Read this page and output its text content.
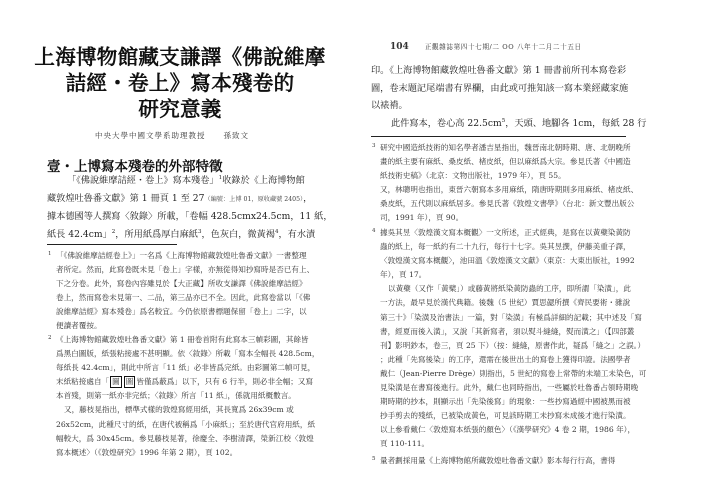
上海博物館藏支謙譯《佛說維摩
詰經・卷上》寫本殘卷的
研究意義
中央大學中國文學系助理教授 孫致文
壹・上博寫本殘卷的外部特徵
「《佛說維摩詰經・卷上》寫本殘卷」$^1$收錄於《上海博物館
藏敦煌吐魯番文獻》第 1 冊頁 1 至 27（編號：上博 01，原收藏號 2405），
據本德國等人撰寫〈敘錄〉所載，「卷幅 428.5cmx24.5cm，11 紙，
紙長 42.4cm」$^2$，所用紙爲厚白麻紙$^3$，色灰白，微黃褐$^4$，有水漬
1 「《佛說維摩詰經卷上》」一名爲《上海博物館藏敦煌吐魯番文獻》一書整理
者所定。然而，此寫卷既未見「卷上」字樣，亦無從得知抄寫時是否已有上、
下之分卷。此外，寫卷內容雖見於【大正藏】所收支謙譯《佛說維摩詰經》
卷上，然而寫卷未見第一、二品，第三品亦已不全。因此，此寫卷當以「《佛
說維摩詰經》寫本殘卷」爲名較宜。今仍依原書標題保留「卷上」二字，以
便讀者覆按。
2 《上海博物館藏敦煌吐魯番文獻》第 1 冊卷首附有此寫本三幀彩圖，其餘皆
爲黑白圖版，紙張粘接處不甚明顯。依〈敘錄〉所載「寫本全幅長 428.5cm，
每紙長 42.4cm」，則此中所言「11 紙」必非皆爲完紙。由彩圖第二幀可見，
末紙粘接處自「 圖 圖 皆僅爲蔽爲」以下，只有 6 行半，則必非全幅；又寫
本首殘，則第一紙亦非完紙；〈敘錄〉所言「11 紙」，係就用紙概數言。
又，藤枝晃指出，標準式樣的敦煌寫經用紙，其長寬爲 26x39cm 或
26x52cm，此種尺寸的紙，在唐代被稱爲「小麻紙」；至於唐代官府用紙，紙
幅較大，爲 30x45cm。參見藤枝晃著，徐慶全、李樹清譯，榮新江校〈敦煌
寫本概述〉（《敦煌研究》1996 年第 2 期），頁 102。
104 正觀雜誌第四十七期/二 OO 八年十二月二十五日
印。《上海博物館藏敦煌吐魯番文獻》第 1 冊書前所刊本寫卷彩
圖，卷末題記尾端書有界欄，由此或可推知該一寫本業經藏家施
以裱褙。
此件寫本，卷心高 $22.5cm^5$，天頭、地腳各 1cm，每紙 28 行
3 研究中國造紙技術的知名學者潘吉星指出，魏晉南北朝時期、唐、北朝晚所
畫的紙主要有麻紙、桑皮紙、楮皮紙，但以麻紙爲大宗。參見氏著《中國造
紙技術史稿》（北京：文物出版社，1979 年），頁 55。
又，林聰明也指出，東晉六朝寫本多用麻紙，隋唐時期則多用麻紙、楮皮紙、
桑皮紙，五代則以麻紙居多。參見氏著《敦煌文書學》（台北：新文豐出版公
司，1991 年），頁 90。
4 據吳其昱〈敦煌漢文寫本概觀〉一文所述，正式經典，是寫在以黃蘗染黃防
蟲的紙上，每一紙約有二十九行，每行十七字。吳其昱撰，伊藤美重子譯，
〈敦煌漢文寫本概觀〉，池田溫《敦煌漢文文獻》（東京：大東出版社，1992
年），頁 17。
以黃蘗（又作「黃檗」）或藤黃將紙染黃防蟲的工序，即所謂「染潢」，此
一方法，最早見於漢代典籍。後魏（5 世紀）賈思勰所撰《齊民要術・雜說
第三十》「染潢及治書法」一篇，對「染潢」有極爲詳細的記載；其中述及「寫
書，經夏而後入潢」，又說「其新寫者，須以熨斗縫縫，熨而潢之」（【四部叢
刊】影明鈔本，卷三，頁 25 下）（按：縫縫，原書作此，疑爲「縫之」之誤。）
；此種「先寫後染」的工序，還需在後世出土的寫卷上獲得印證。法國學者
戴仁（Jean-Pierre Drège）則指出，5 世紀的寫卷上常帶的未端工未染色，可
見染潢是在書寫後進行。此外，戴仁也同時指出，一些屬於吐魯番占領時期晚
期時期的抄本，則顯示出「先染後寫」的現象：一些抄寫過經中國被黑而被
抄手剪去的殘紙，已被染成黃色，可見該時期工未抄寫未成後才進行染潢。
以上參看戴仁〈敦煌寫本紙張的顏色〉（《漢學研究》4 卷 2 期，1986 年），
頁 110-111。
5 量者劃採用量《上海博物館所藏敦煌吐魯番文獻》影本每行行高，書得
